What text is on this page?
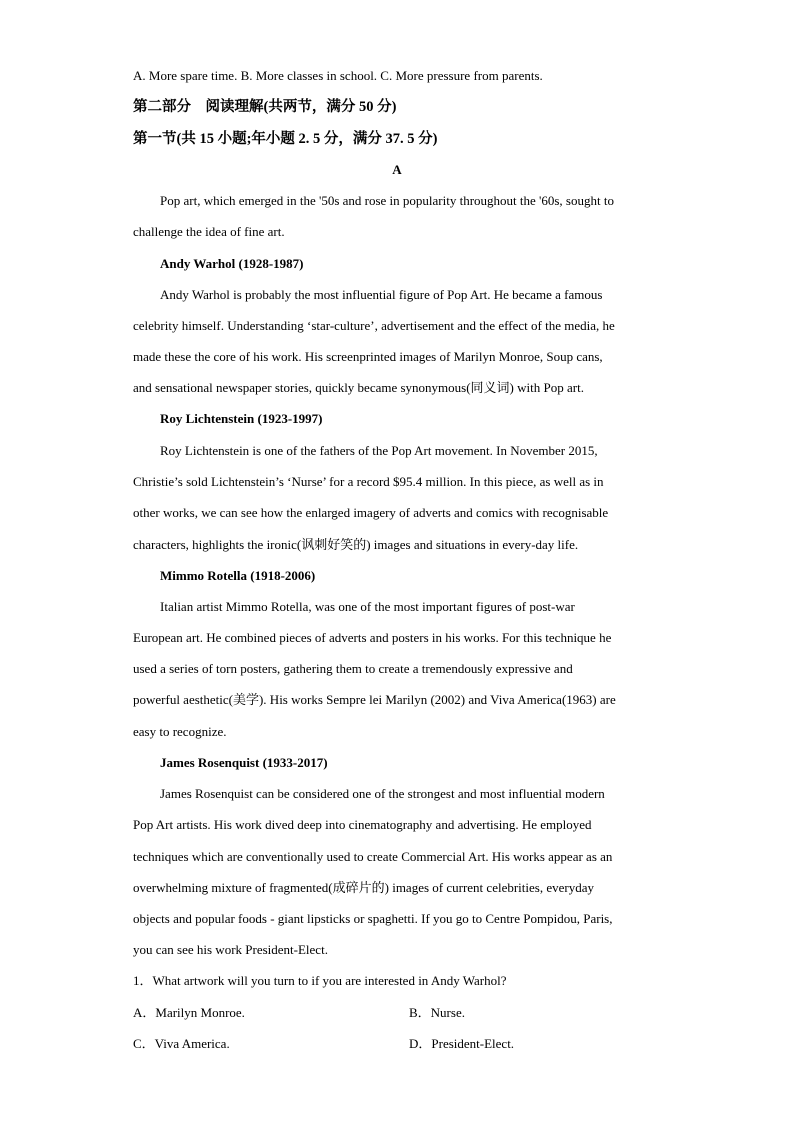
A. More spare time. B. More classes in school. C. More pressure from parents.
第二部分　阅读理解(共两节，满分 50 分)
第一节(共 15 小题;年小题 2. 5 分，满分 37. 5 分)
A
Pop art, which emerged in the '50s and rose in popularity throughout the '60s, sought to
challenge the idea of fine art.
Andy Warhol (1928-1987)
Andy Warhol is probably the most influential figure of Pop Art. He became a famous
celebrity himself. Understanding ‘star-culture’, advertisement and the effect of the media, he
made these the core of his work. His screenprinted images of Marilyn Monroe, Soup cans,
and sensational newspaper stories, quickly became synonymous(同义词) with Pop art.
Roy Lichtenstein (1923-1997)
Roy Lichtenstein is one of the fathers of the Pop Art movement. In November 2015,
Christie’s sold Lichtenstein’s ‘Nurse’ for a record $95.4 million. In this piece, as well as in
other works, we can see how the enlarged imagery of adverts and comics with recognisable
characters, highlights the ironic(讽刺好笑的) images and situations in every-day life.
Mimmo Rotella (1918-2006)
Italian artist Mimmo Rotella, was one of the most important figures of post-war
European art. He combined pieces of adverts and posters in his works. For this technique he
used a series of torn posters, gathering them to create a tremendously expressive and
powerful aesthetic(美学). His works Sempre lei Marilyn (2002) and Viva America(1963) are
easy to recognize.
James Rosenquist (1933-2017)
James Rosenquist can be considered one of the strongest and most influential modern
Pop Art artists. His work dived deep into cinematography and advertising. He employed
techniques which are conventionally used to create Commercial Art. His works appear as an
overwhelming mixture of fragmented(成碎片的) images of current celebrities, everyday
objects and popular foods - giant lipsticks or spaghetti. If you go to Centre Pompidou, Paris,
you can see his work President-Elect.
1．What artwork will you turn to if you are interested in Andy Warhol?
A．Marilyn Monroe.	B．Nurse.
C．Viva America.	D．President-Elect.
